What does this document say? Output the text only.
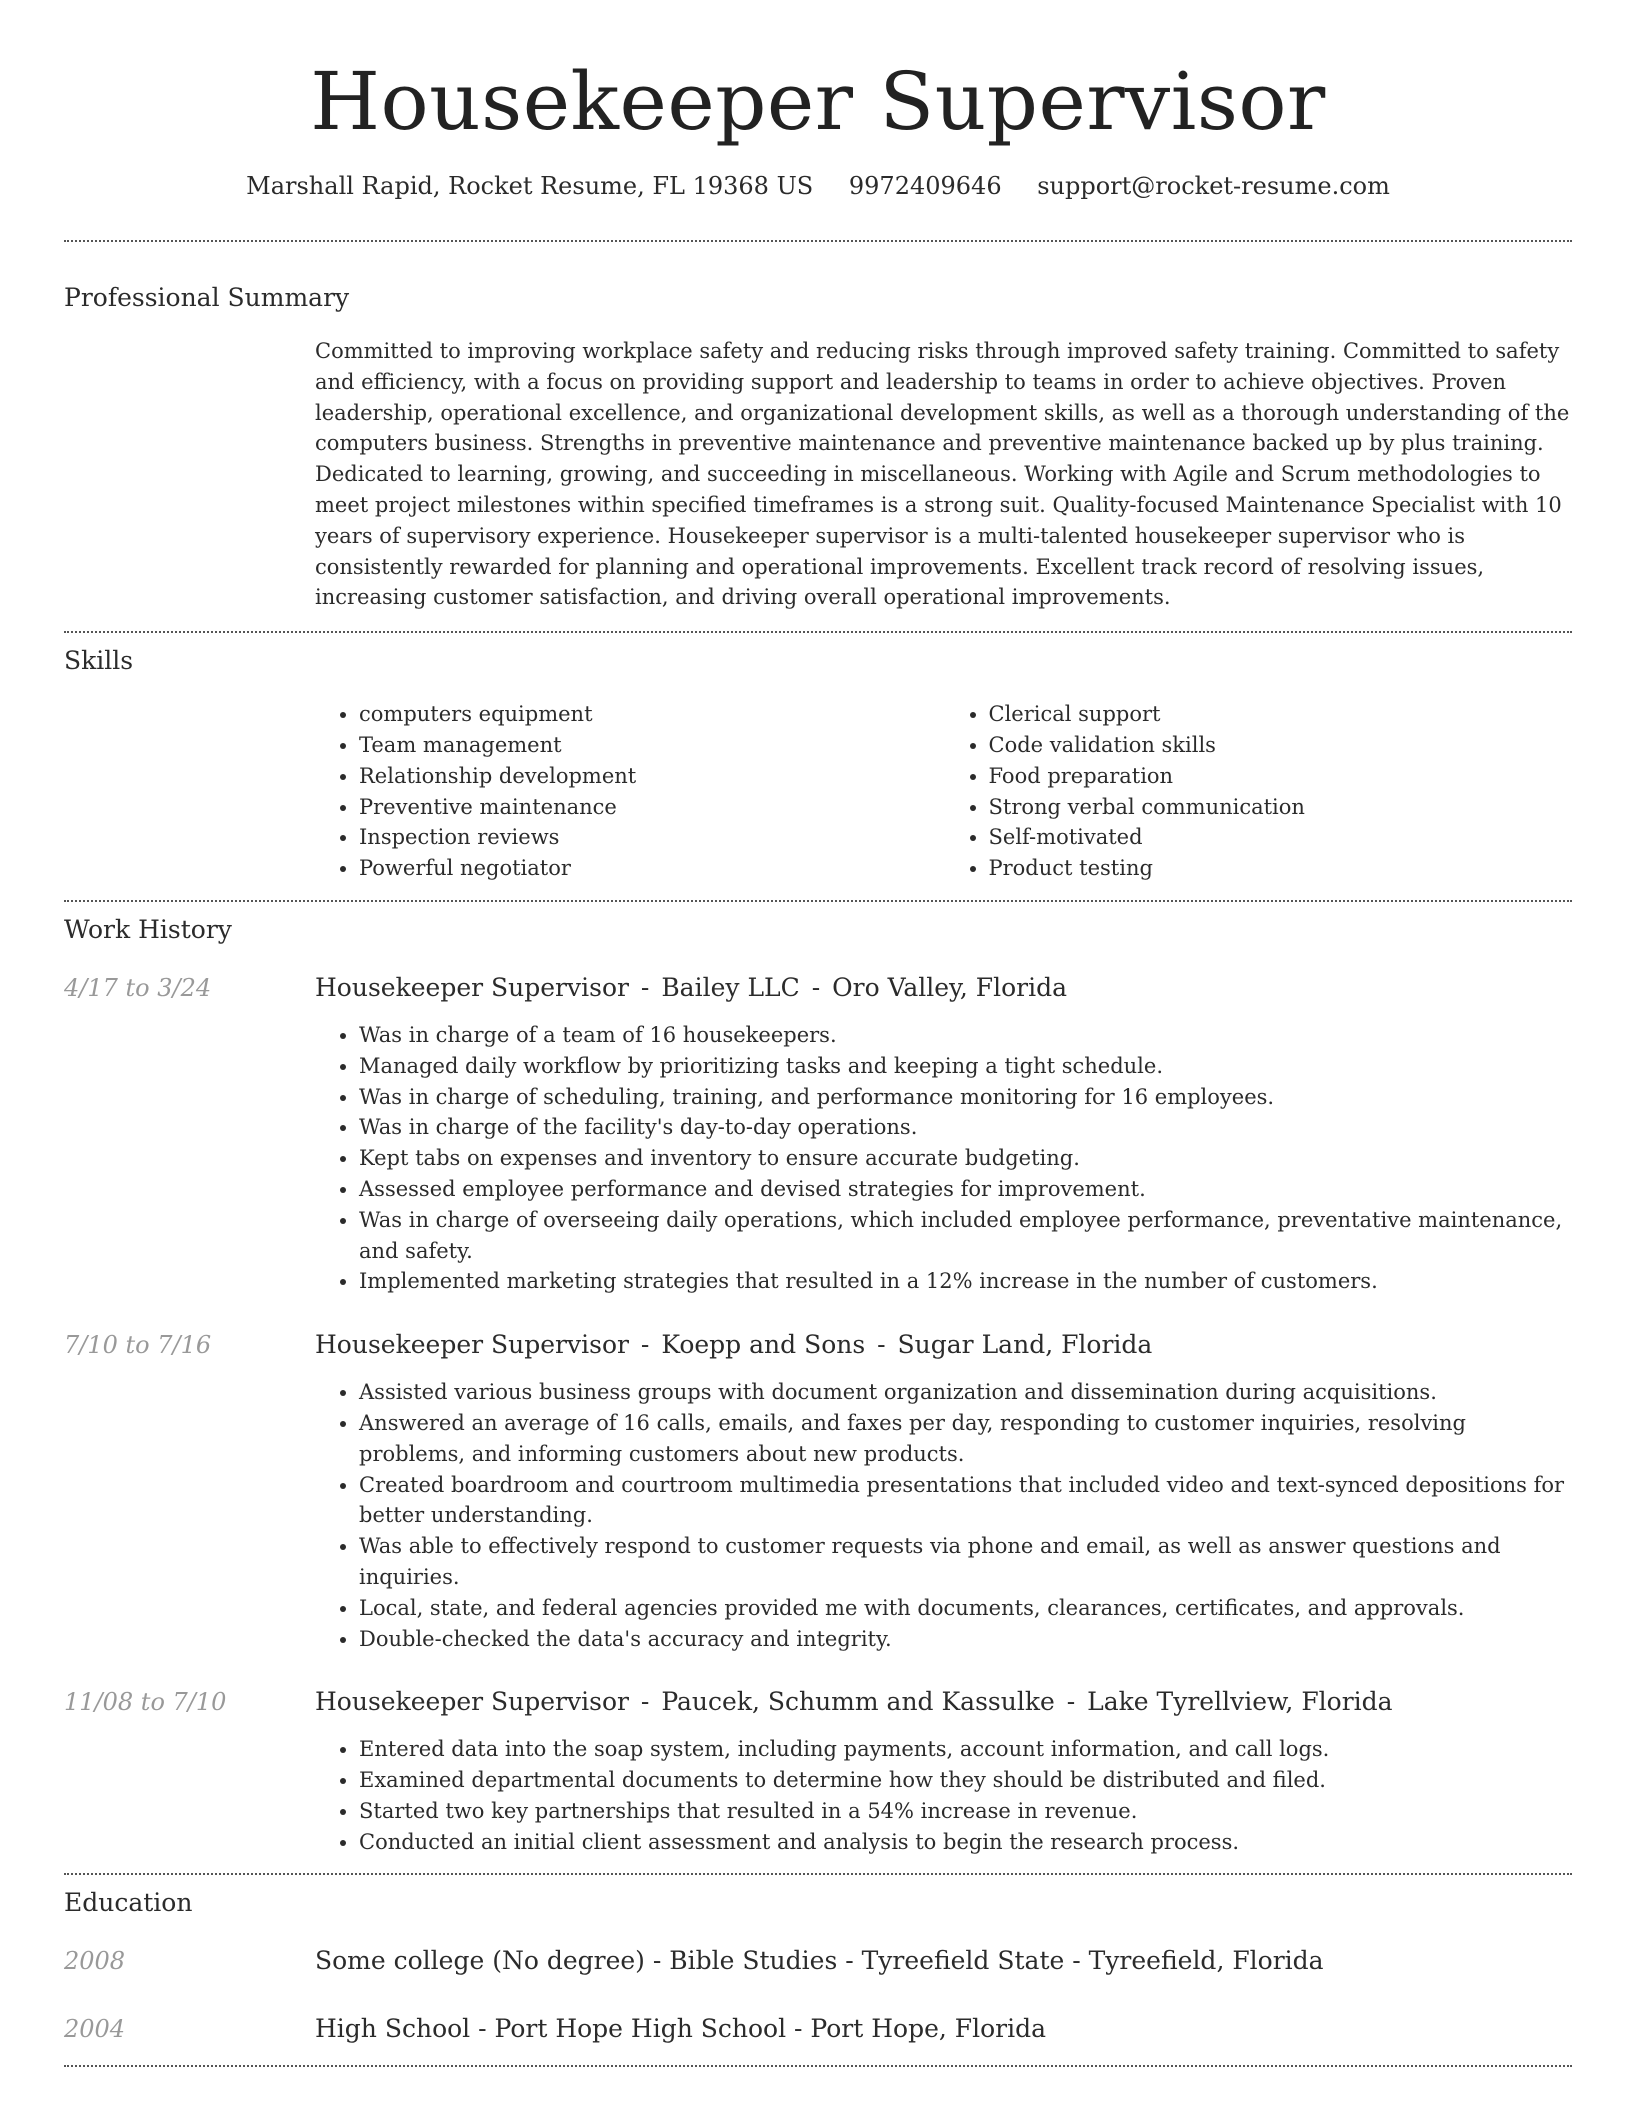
Housekeeper Supervisor
Marshall Rapid, Rocket Resume, FL 19368 US 9972409646 support@rocket-resume.com
Professional Summary

Committed to improving workplace safety and reducing risks through improved safety training. Committed to safety and efficiency, with a focus on providing support and leadership to teams in order to achieve objectives. Proven leadership, operational excellence, and organizational development skills, as well as a thorough understanding of the computers business. Strengths in preventive maintenance and preventive maintenance backed up by plus training. Dedicated to learning, growing, and succeeding in miscellaneous. Working with Agile and Scrum methodologies to meet project milestones within specified timeframes is a strong suit. Quality-focused Maintenance Specialist with 10 years of supervisory experience. Housekeeper supervisor is a multi-talented housekeeper supervisor who is consistently rewarded for planning and operational improvements. Excellent track record of resolving issues, increasing customer satisfaction, and driving overall operational improvements.

Skills
• computers equipment
• Team management
• Relationship development
• Preventive maintenance
• Inspection reviews
• Powerful negotiator
• Clerical support
• Code validation skills
• Food preparation
• Strong verbal communication
• Self-motivated
• Product testing
Work History
4/17 to 3/24	Housekeeper Supervisor - Bailey LLC - Oro Valley, Florida
• Was in charge of a team of 16 housekeepers.
• Managed daily workflow by prioritizing tasks and keeping a tight schedule.
• Was in charge of scheduling, training, and performance monitoring for 16 employees.
• Was in charge of the facility's day-to-day operations.
• Kept tabs on expenses and inventory to ensure accurate budgeting.
• Assessed employee performance and devised strategies for improvement.
• Was in charge of overseeing daily operations, which included employee performance, preventative maintenance, and safety.
• Implemented marketing strategies that resulted in a 12% increase in the number of customers.
7/10 to 7/16	Housekeeper Supervisor - Koepp and Sons - Sugar Land, Florida
• Assisted various business groups with document organization and dissemination during acquisitions.
• Answered an average of 16 calls, emails, and faxes per day, responding to customer inquiries, resolving problems, and informing customers about new products.
• Created boardroom and courtroom multimedia presentations that included video and text-synced depositions for better understanding.
• Was able to effectively respond to customer requests via phone and email, as well as answer questions and inquiries.
• Local, state, and federal agencies provided me with documents, clearances, certificates, and approvals.
• Double-checked the data's accuracy and integrity.
11/08 to 7/10	Housekeeper Supervisor - Paucek, Schumm and Kassulke - Lake Tyrellview, Florida
• Entered data into the soap system, including payments, account information, and call logs.
• Examined departmental documents to determine how they should be distributed and filed.
• Started two key partnerships that resulted in a 54% increase in revenue.
• Conducted an initial client assessment and analysis to begin the research process.
Education
2008	Some college (No degree) - Bible Studies - Tyreefield State - Tyreefield, Florida
2004	High School - Port Hope High School - Port Hope, Florida
